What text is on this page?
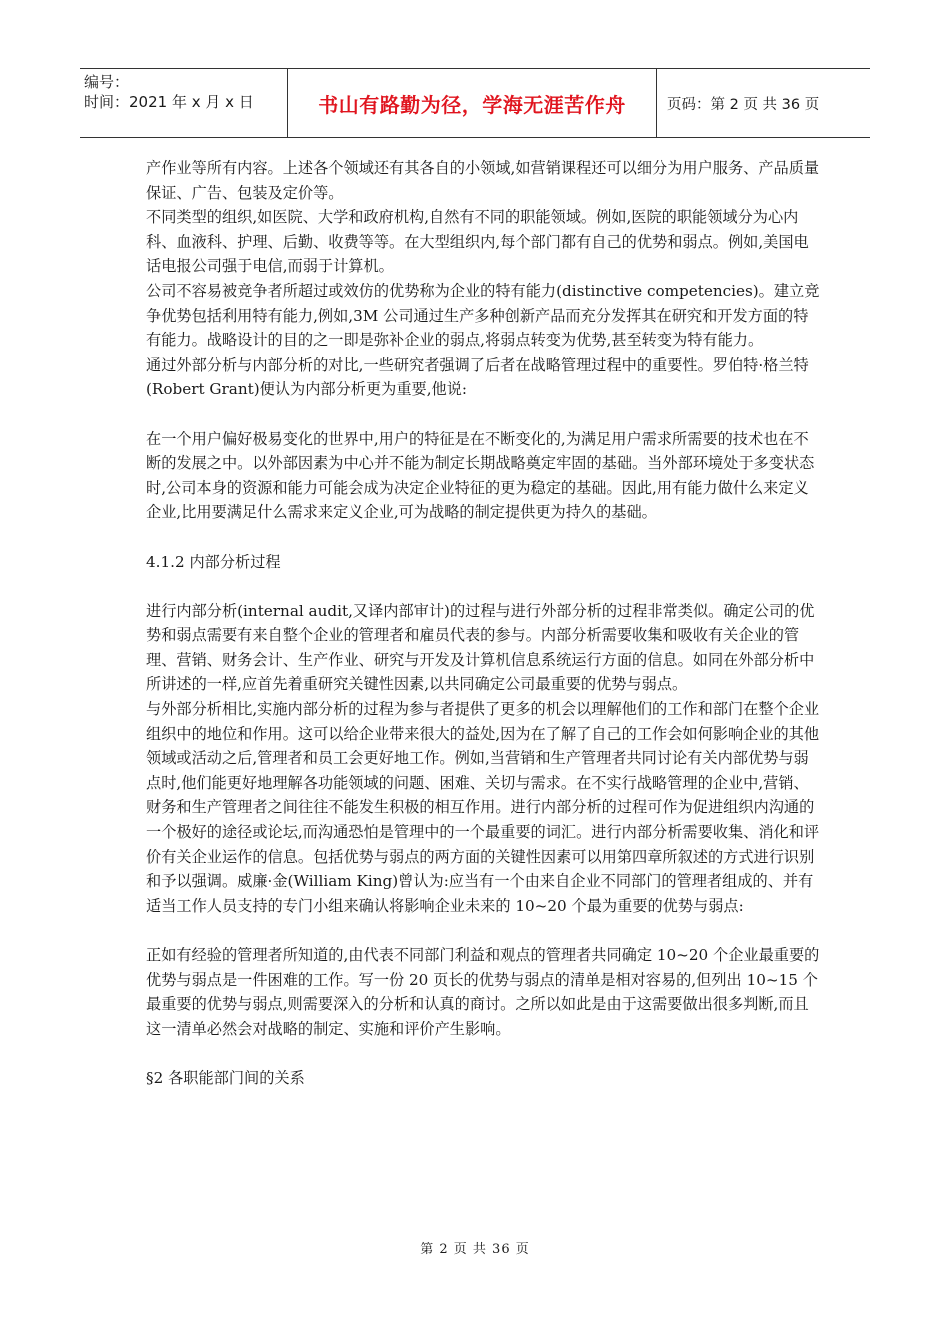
编号：
时间：2021 年 x 月 x 日	书山有路勤为径，学海无涯苦作舟	页码：第 2 页 共 36 页

产作业等所有内容。上述各个领域还有其各自的小领域,如营销课程还可以细分为用户服务、产品质量保证、广告、包装及定价等。

不同类型的组织,如医院、大学和政府机构,自然有不同的职能领域。例如,医院的职能领域分为心内科、血液科、护理、后勤、收费等等。在大型组织内,每个部门都有自己的优势和弱点。例如,美国电话电报公司强于电信,而弱于计算机。

公司不容易被竞争者所超过或效仿的优势称为企业的特有能力(distinctive competencies)。建立竞争优势包括利用特有能力,例如,3M 公司通过生产多种创新产品而充分发挥其在研究和开发方面的特有能力。战略设计的目的之一即是弥补企业的弱点,将弱点转变为优势,甚至转变为特有能力。

通过外部分析与内部分析的对比,一些研究者强调了后者在战略管理过程中的重要性。罗伯特·格兰特(Robert Grant)便认为内部分析更为重要,他说:

在一个用户偏好极易变化的世界中,用户的特征是在不断变化的,为满足用户需求所需要的技术也在不断的发展之中。以外部因素为中心并不能为制定长期战略奠定牢固的基础。当外部环境处于多变状态时,公司本身的资源和能力可能会成为决定企业特征的更为稳定的基础。因此,用有能力做什么来定义企业,比用要满足什么需求来定义企业,可为战略的制定提供更为持久的基础。

4.1.2 内部分析过程

进行内部分析(internal audit,又译内部审计)的过程与进行外部分析的过程非常类似。确定公司的优势和弱点需要有来自整个企业的管理者和雇员代表的参与。内部分析需要收集和吸收有关企业的管理、营销、财务会计、生产作业、研究与开发及计算机信息系统运行方面的信息。如同在外部分析中所讲述的一样,应首先着重研究关键性因素,以共同确定公司最重要的优势与弱点。

与外部分析相比,实施内部分析的过程为参与者提供了更多的机会以理解他们的工作和部门在整个企业组织中的地位和作用。这可以给企业带来很大的益处,因为在了解了自己的工作会如何影响企业的其他领域或活动之后,管理者和员工会更好地工作。例如,当营销和生产管理者共同讨论有关内部优势与弱点时,他们能更好地理解各功能领域的问题、困难、关切与需求。在不实行战略管理的企业中,营销、财务和生产管理者之间往往不能发生积极的相互作用。进行内部分析的过程可作为促进组织内沟通的一个极好的途径或论坛,而沟通恐怕是管理中的一个最重要的词汇。进行内部分析需要收集、消化和评价有关企业运作的信息。包括优势与弱点的两方面的关键性因素可以用第四章所叙述的方式进行识别和予以强调。威廉·金(William King)曾认为:应当有一个由来自企业不同部门的管理者组成的、并有适当工作人员支持的专门小组来确认将影响企业未来的 10~20 个最为重要的优势与弱点:

正如有经验的管理者所知道的,由代表不同部门利益和观点的管理者共同确定 10~20 个企业最重要的优势与弱点是一件困难的工作。写一份 20 页长的优势与弱点的清单是相对容易的,但列出 10~15 个最重要的优势与弱点,则需要深入的分析和认真的商讨。之所以如此是由于这需要做出很多判断,而且这一清单必然会对战略的制定、实施和评价产生影响。

§2 各职能部门间的关系

第 2 页 共 36 页
